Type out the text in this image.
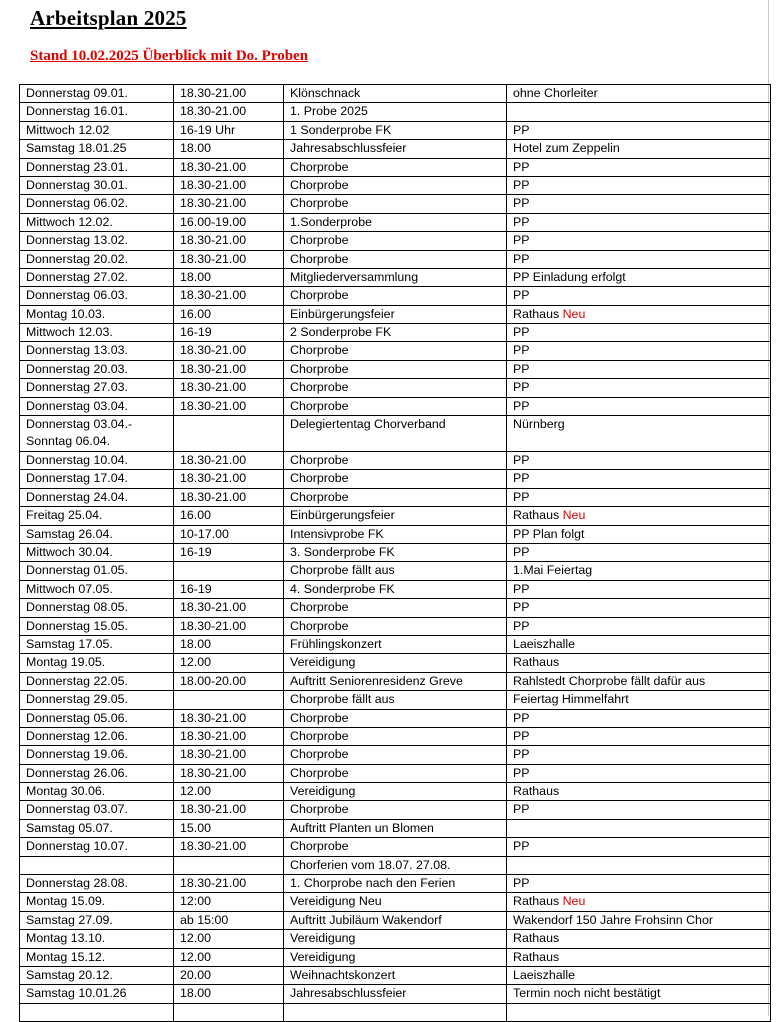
Arbeitsplan 2025

Stand 10.02.2025 Überblick mit Do. Proben

Donnerstag 09.01.	18.30-21.00	Klönschnack	ohne Chorleiter
Donnerstag 16.01.	18.30-21.00	1. Probe 2025	
Mittwoch 12.02	16-19 Uhr	1 Sonderprobe FK	PP
Samstag 18.01.25	18.00	Jahresabschlussfeier	Hotel zum Zeppelin
Donnerstag 23.01.	18.30-21.00	Chorprobe	PP
Donnerstag 30.01.	18.30-21.00	Chorprobe	PP
Donnerstag 06.02.	18.30-21.00	Chorprobe	PP
Mittwoch 12.02.	16.00-19.00	1.Sonderprobe	PP
Donnerstag 13.02.	18.30-21.00	Chorprobe	PP
Donnerstag 20.02.	18.30-21.00	Chorprobe	PP
Donnerstag 27.02.	18.00	Mitgliederversammlung	PP Einladung erfolgt
Donnerstag 06.03.	18.30-21.00	Chorprobe	PP
Montag 10.03.	16.00	Einbürgerungsfeier	Rathaus Neu
Mittwoch 12.03.	16-19	2 Sonderprobe FK	PP
Donnerstag 13.03.	18.30-21.00	Chorprobe	PP
Donnerstag 20.03.	18.30-21.00	Chorprobe	PP
Donnerstag 27.03.	18.30-21.00	Chorprobe	PP
Donnerstag 03.04.	18.30-21.00	Chorprobe	PP

Donnerstag 03.04.-
Sonntag 06.04.		Delegiertentag Chorverband	Nürnberg
Donnerstag 10.04.	18.30-21.00	Chorprobe	PP
Donnerstag 17.04.	18.30-21.00	Chorprobe	PP
Donnerstag 24.04.	18.30-21.00	Chorprobe	PP
Freitag 25.04.	16.00	Einbürgerungsfeier	Rathaus Neu
Samstag 26.04.	10-17.00	Intensivprobe FK	PP Plan folgt
Mittwoch 30.04.	16-19	3. Sonderprobe FK	PP
Donnerstag 01.05.		Chorprobe fällt aus	1.Mai Feiertag
Mittwoch 07.05.	16-19	4. Sonderprobe FK	PP
Donnerstag 08.05.	18.30-21.00	Chorprobe	PP
Donnerstag 15.05.	18.30-21.00	Chorprobe	PP
Samstag 17.05.	18.00	Frühlingskonzert	Laeiszhalle
Montag 19.05.	12.00	Vereidigung	Rathaus
Donnerstag 22.05.	18.00-20.00	Auftritt Seniorenresidenz Greve	Rahlstedt Chorprobe fällt dafür aus
Donnerstag 29.05.		Chorprobe fällt aus	Feiertag Himmelfahrt
Donnerstag 05.06.	18.30-21.00	Chorprobe	PP
Donnerstag 12.06.	18.30-21.00	Chorprobe	PP
Donnerstag 19.06.	18.30-21.00	Chorprobe	PP
Donnerstag 26.06.	18.30-21.00	Chorprobe	PP
Montag 30.06.	12.00	Vereidigung	Rathaus
Donnerstag 03.07.	18.30-21.00	Chorprobe	PP
Samstag 05.07.	15.00	Auftritt Planten un Blomen	
Donnerstag 10.07.	18.30-21.00	Chorprobe	PP
		Chorferien vom 18.07. 27.08.	
Donnerstag 28.08.	18.30-21.00	1. Chorprobe nach den Ferien	PP
Montag 15.09.	12:00	Vereidigung Neu	Rathaus Neu
Samstag 27.09.	ab 15:00	Auftritt Jubiläum Wakendorf	Wakendorf 150 Jahre Frohsinn Chor
Montag 13.10.	12.00	Vereidigung	Rathaus
Montag 15.12.	12.00	Vereidigung	Rathaus
Samstag 20.12.	20.00	Weihnachtskonzert	Laeiszhalle
Samstag 10.01.26	18.00	Jahresabschlussfeier	Termin noch nicht bestätigt
